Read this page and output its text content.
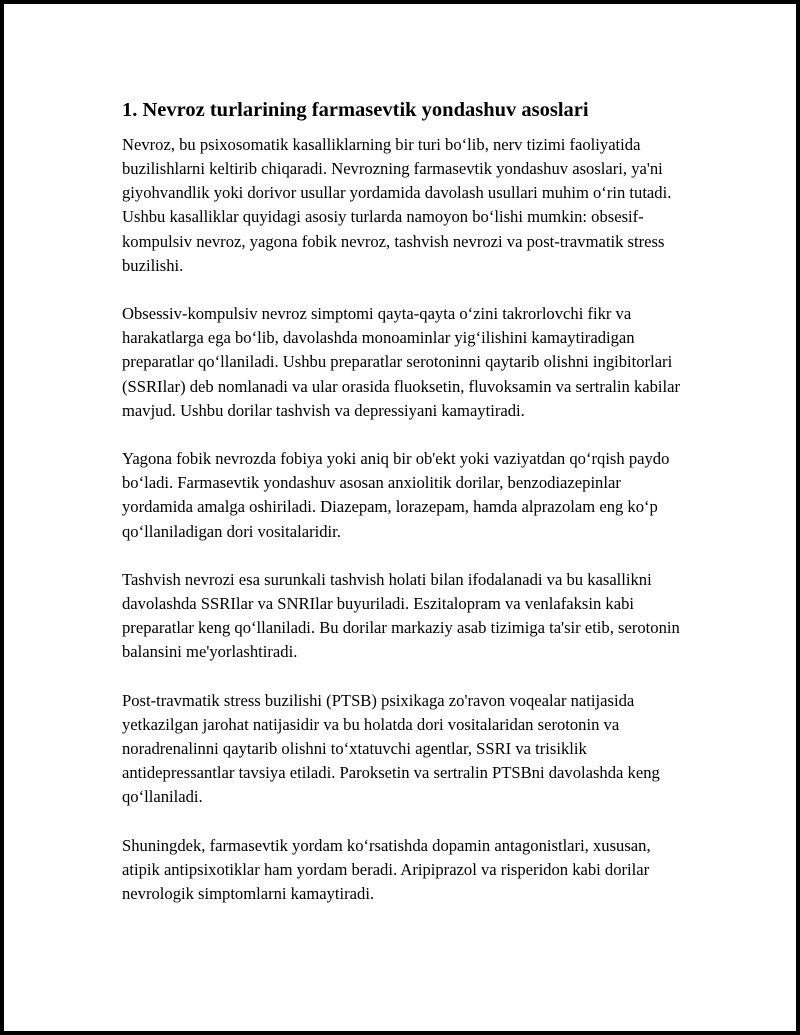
1. Nevroz turlarining farmasevtik yondashuv asoslari

Nevroz, bu psixosomatik kasalliklarning bir turi bo‘lib, nerv tizimi faoliyatida buzilishlarni keltirib chiqaradi. Nevrozning farmasevtik yondashuv asoslari, ya'ni giyohvandlik yoki dorivor usullar yordamida davolash usullari muhim o‘rin tutadi. Ushbu kasalliklar quyidagi asosiy turlarda namoyon bo‘lishi mumkin: obsesif-kompulsiv nevroz, yagona fobik nevroz, tashvish nevrozi va post-travmatik stress buzilishi.

Obsessiv-kompulsiv nevroz simptomi qayta-qayta o‘zini takrorlovchi fikr va harakatlarga ega bo‘lib, davolashda monoaminlar yig‘ilishini kamaytiradigan preparatlar qo‘llaniladi. Ushbu preparatlar serotoninni qaytarib olishni ingibitorlari (SSRIlar) deb nomlanadi va ular orasida fluoksetin, fluvoksamin va sertralin kabilar mavjud. Ushbu dorilar tashvish va depressiyani kamaytiradi.

Yagona fobik nevrozda fobiya yoki aniq bir ob'ekt yoki vaziyatdan qo‘rqish paydo bo‘ladi. Farmasevtik yondashuv asosan anxiolitik dorilar, benzodiazepinlar yordamida amalga oshiriladi. Diazepam, lorazepam, hamda alprazolam eng ko‘p qo‘llaniladigan dori vositalaridir.

Tashvish nevrozi esa surunkali tashvish holati bilan ifodalanadi va bu kasallikni davolashda SSRIlar va SNRIlar buyuriladi. Eszitalopram va venlafaksin kabi preparatlar keng qo‘llaniladi. Bu dorilar markaziy asab tizimiga ta'sir etib, serotonin balansini me'yorlashtiradi.

Post-travmatik stress buzilishi (PTSB) psixikaga zo'ravon voqealar natijasida yetkazilgan jarohat natijasidir va bu holatda dori vositalaridan serotonin va noradrenalinni qaytarib olishni to‘xtatuvchi agentlar, SSRI va trisiklik antidepressantlar tavsiya etiladi. Paroksetin va sertralin PTSBni davolashda keng qo‘llaniladi.

Shuningdek, farmasevtik yordam ko‘rsatishda dopamin antagonistlari, xususan, atipik antipsixotiklar ham yordam beradi. Aripiprazol va risperidon kabi dorilar nevrologik simptomlarni kamaytiradi.
